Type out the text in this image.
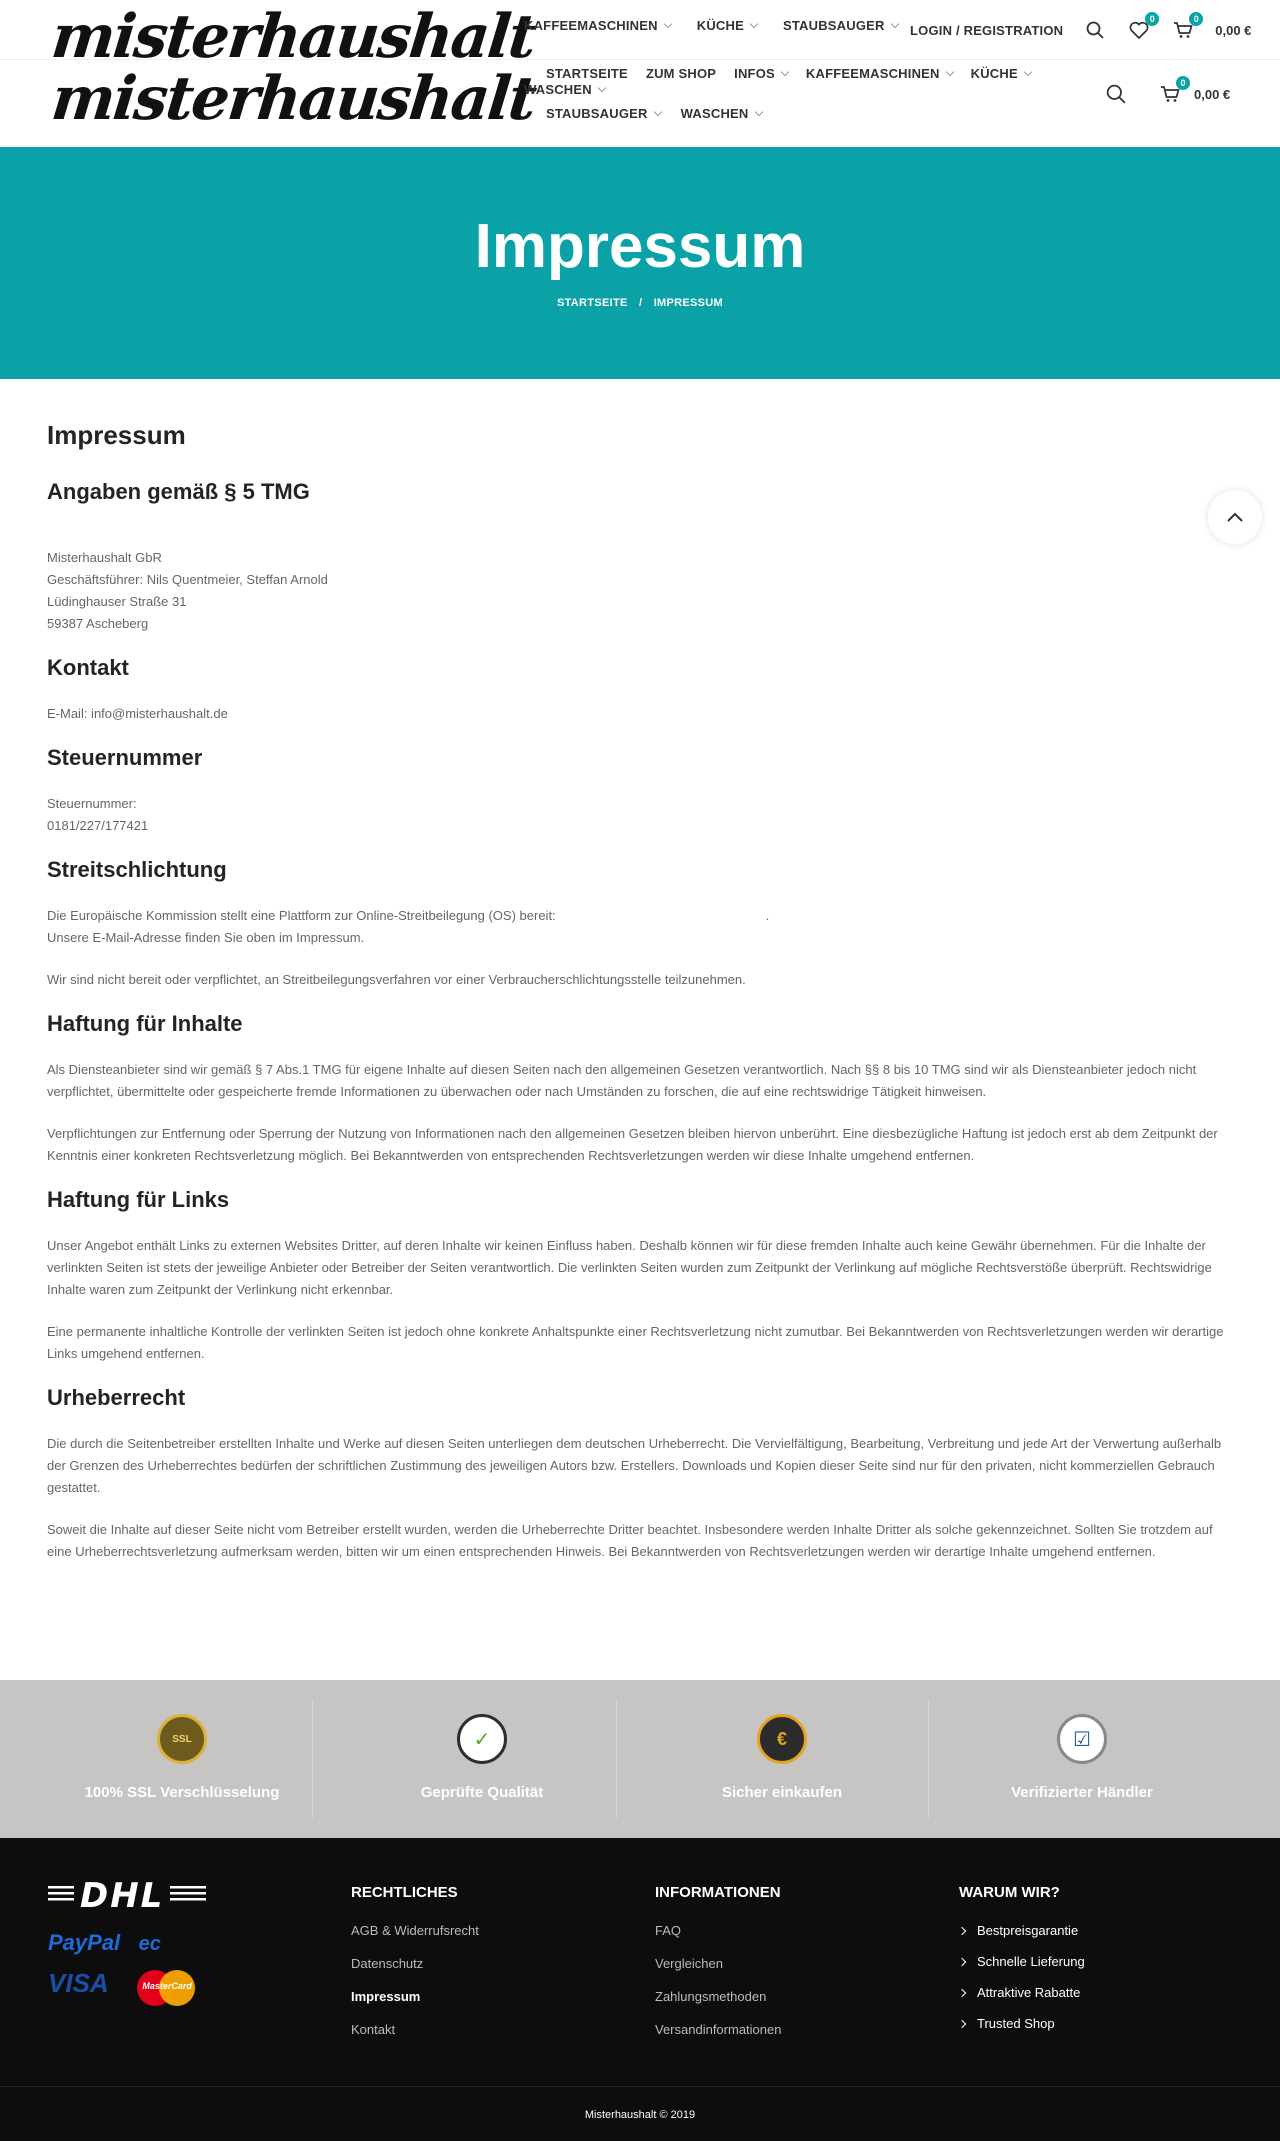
misterhaushalt
misterhaushalt
KAFFEEMASCHINEN	KÜCHE	STAUBSAUGER LOGIN / REGISTRATION
0	0
0,00 €
STARTSEITE ZUM SHOP INFOS KAFFEEMASCHINEN KÜCHE
WASCHEN
STAUBSAUGER	WASCHEN
0
0,00 €
Impressum
STARTSEITE / IMPRESSUM
Impressum
Angaben gemäß § 5 TMG

Misterhaushalt GbR
Geschäftsführer: Nils Quentmeier, Steffan Arnold
Lüdinghauser Straße 31
59387 Ascheberg

Kontakt

E-Mail: info@misterhaushalt.de

Steuernummer

Steuernummer:
0181/227/177421

Streitschlichtung

Die Europäische Kommission stellt eine Plattform zur Online-Streitbeilegung (OS) bereit:	.
Unsere E-Mail-Adresse finden Sie oben im Impressum.

Wir sind nicht bereit oder verpflichtet, an Streitbeilegungsverfahren vor einer Verbraucherschlichtungsstelle teilzunehmen.

Haftung für Inhalte

Als Diensteanbieter sind wir gemäß § 7 Abs.1 TMG für eigene Inhalte auf diesen Seiten nach den allgemeinen Gesetzen verantwortlich. Nach §§ 8 bis 10 TMG sind wir als Diensteanbieter jedoch nicht verpflichtet, übermittelte oder gespeicherte fremde Informationen zu überwachen oder nach Umständen zu forschen, die auf eine rechtswidrige Tätigkeit hinweisen.

Verpflichtungen zur Entfernung oder Sperrung der Nutzung von Informationen nach den allgemeinen Gesetzen bleiben hiervon unberührt. Eine diesbezügliche Haftung ist jedoch erst ab dem Zeitpunkt der Kenntnis einer konkreten Rechtsverletzung möglich. Bei Bekanntwerden von entsprechenden Rechtsverletzungen werden wir diese Inhalte umgehend entfernen.

Haftung für Links

Unser Angebot enthält Links zu externen Websites Dritter, auf deren Inhalte wir keinen Einfluss haben. Deshalb können wir für diese fremden Inhalte auch keine Gewähr übernehmen. Für die Inhalte der verlinkten Seiten ist stets der jeweilige Anbieter oder Betreiber der Seiten verantwortlich. Die verlinkten Seiten wurden zum Zeitpunkt der Verlinkung auf mögliche Rechtsverstöße überprüft. Rechtswidrige Inhalte waren zum Zeitpunkt der Verlinkung nicht erkennbar.

Eine permanente inhaltliche Kontrolle der verlinkten Seiten ist jedoch ohne konkrete Anhaltspunkte einer Rechtsverletzung nicht zumutbar. Bei Bekanntwerden von Rechtsverletzungen werden wir derartige Links umgehend entfernen.

Urheberrecht

Die durch die Seitenbetreiber erstellten Inhalte und Werke auf diesen Seiten unterliegen dem deutschen Urheberrecht. Die Vervielfältigung, Bearbeitung, Verbreitung und jede Art der Verwertung außerhalb der Grenzen des Urheberrechtes bedürfen der schriftlichen Zustimmung des jeweiligen Autors bzw. Erstellers. Downloads und Kopien dieser Seite sind nur für den privaten, nicht kommerziellen Gebrauch gestattet.

Soweit die Inhalte auf dieser Seite nicht vom Betreiber erstellt wurden, werden die Urheberrechte Dritter beachtet. Insbesondere werden Inhalte Dritter als solche gekennzeichnet. Sollten Sie trotzdem auf eine Urheberrechtsverletzung aufmerksam werden, bitten wir um einen entsprechenden Hinweis. Bei Bekanntwerden von Rechtsverletzungen werden wir derartige Inhalte umgehend entfernen.

SSL
100% SSL Verschlüsselung
✓
Geprüfte Qualität
€
Sicher einkaufen
☑
Verifizierter Händler
DHL
PayPal ec
VISA	MasterCard
RECHTLICHES
AGB & Widerrufsrecht
Datenschutz
Impressum
Kontakt
INFORMATIONEN
FAQ
Vergleichen
Zahlungsmethoden
Versandinformationen
WARUM WIR?
Bestpreisgarantie
Schnelle Lieferung
Attraktive Rabatte
Trusted Shop
Misterhaushalt © 2019
